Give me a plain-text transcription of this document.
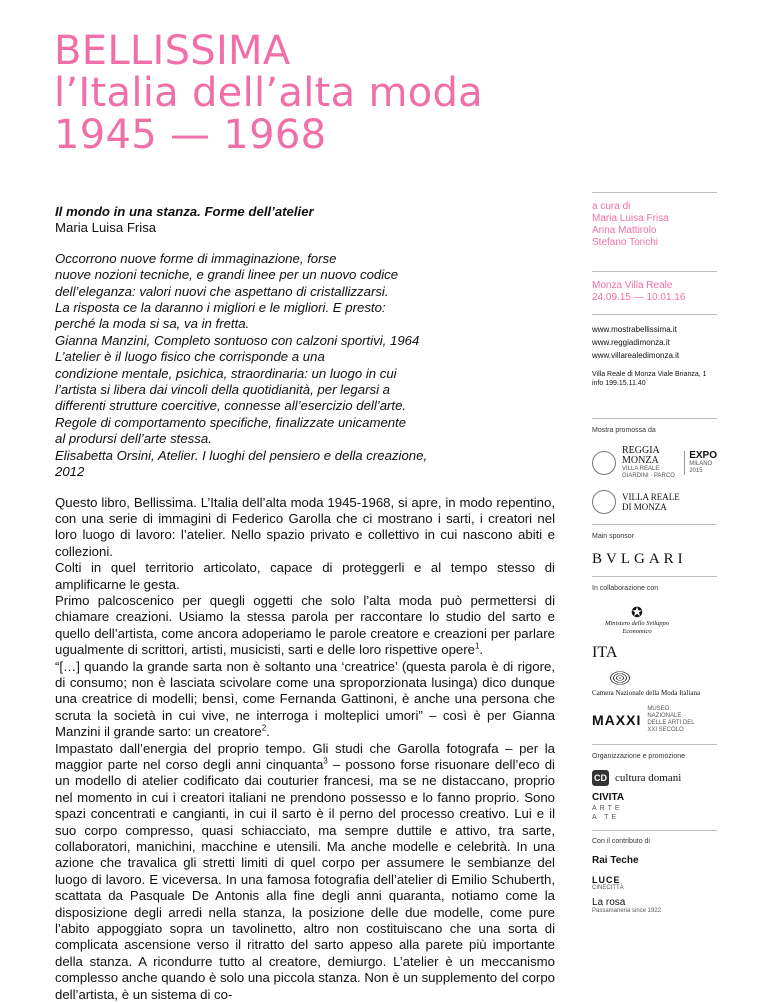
BELLISSIMA
l’Italia dell’alta moda
1945 — 1968
Il mondo in una stanza. Forme dell’atelier
Maria Luisa Frisa
Occorrono nuove forme di immaginazione, forse
nuove nozioni tecniche, e grandi linee per un nuovo codice
dell’eleganza: valori nuovi che aspettano di cristallizzarsi.
La risposta ce la daranno i migliori e le migliori. E presto:
perché la moda si sa, va in fretta.
Gianna Manzini, Completo sontuoso con calzoni sportivi, 1964
L’atelier è il luogo fisico che corrisponde a una
condizione mentale, psichica, straordinaria: un luogo in cui
l’artista si libera dai vincoli della quotidianità, per legarsi a
differenti strutture coercitive, connesse all’esercizio dell’arte.
Regole di comportamento specifiche, finalizzate unicamente
al prodursi dell’arte stessa.
Elisabetta Orsini, Atelier. I luoghi del pensiero e della creazione,
2012

Questo libro, Bellissima. L’Italia dell’alta moda 1945-1968, si apre, in modo repentino, con una serie di immagini di Federico Garolla che ci mostrano i sarti, i creatori nel loro luogo di lavoro: l’atelier. Nello spazio privato e collettivo in cui nascono abiti e collezioni.

Colti in quel territorio articolato, capace di proteggerli e al tempo stesso di amplificarne le gesta.

Primo palcoscenico per quegli oggetti che solo l’alta moda può permettersi di chiamare creazioni. Usiamo la stessa parola per raccontare lo studio del sarto e quello dell’artista, come ancora adoperiamo le parole creatore e creazioni per parlare ugualmente di scrittori, artisti, musicisti, sarti e delle loro rispettive opere$^1$.

“[…] quando la grande sarta non è soltanto una ‘creatrice’ (questa parola è di rigore, di consumo; non è lasciata scivolare come una sproporzionata lusinga) dico dunque una creatrice di modelli; bensì, come Fernanda Gattinoni, è anche una persona che scruta la società in cui vive, ne interroga i molteplici umori” – così è per Gianna Manzini il grande sarto: un creatore$^2$.

Impastato dall’energia del proprio tempo. Gli studi che Garolla fotografa – per la maggior parte nel corso degli anni cinquanta$^3$ – possono forse risuonare dell’eco di un modello di atelier codificato dai couturier francesi, ma se ne distaccano, proprio nel momento in cui i creatori italiani ne prendono possesso e lo fanno proprio. Sono spazi concentrati e cangianti, in cui il sarto è il perno del processo creativo. Lui e il suo corpo compresso, quasi schiacciato, ma sempre duttile e attivo, tra sarte, collaboratori, manichini, macchine e utensili. Ma anche modelle e celebrità. In una azione che travalica gli stretti limiti di quel corpo per assumere le sembianze del luogo di lavoro. E viceversa. In una famosa fotografia dell’atelier di Emilio Schuberth, scattata da Pasquale De Antonis alla fine degli anni quaranta, notiamo come la disposizione degli arredi nella stanza, la posizione delle due modelle, come pure l’abito appoggiato sopra un tavolinetto, altro non costituiscano che una sorta di complicata ascensione verso il ritratto del sarto appeso alla parete più importante della stanza. A ricondurre tutto al creatore, demiurgo. L’atelier è un meccanismo complesso anche quando è solo una piccola stanza. Non è un supplemento del corpo dell’artista, è un sistema di co-

a cura di
Maria Luisa Frisa
Anna Mattirolo
Stefano Tonchi
Monza Villa Reale
24.09.15 — 10.01.16
www.mostrabellissima.it
www.reggiadimonza.it
www.villarealedimonza.it
Villa Reale di Monza Viale Brianza, 1
info 199.15.11.40
Mostra promossa da
REGGIA MONZA
VILLA REALE · GIARDINI · PARCO
EXPO
MILANO 2015
VILLA REALE DI MONZA
Main sponsor
BVLGARI
In collaborazione con
✪
Ministero dello Sviluppo Economico
ITA
Camera Nazionale della Moda Italiana
MAXXI
MUSEO NAZIONALE DELLE ARTI DEL XXI SECOLO
Organizzazione e promozione
CD cultura domani
CIVITA
ARTE A TE
Con il contributo di
Rai Teche
LUCE
CINECITTÀ
La rosa
Passamaneria since 1922
